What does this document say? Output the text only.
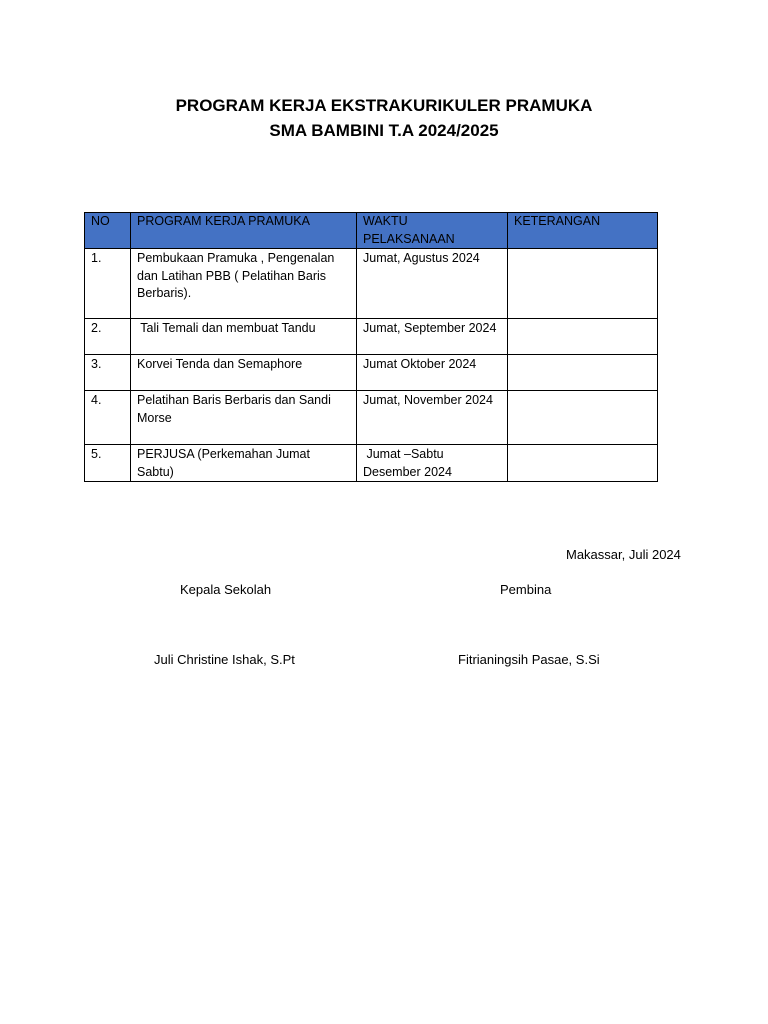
PROGRAM KERJA EKSTRAKURIKULER PRAMUKA
SMA BAMBINI T.A 2024/2025
NO	PROGRAM KERJA PRAMUKA	WAKTU PELAKSANAAN	KETERANGAN
1.	Pembukaan Pramuka , Pengenalan dan Latihan PBB ( Pelatihan Baris Berbaris).	Jumat, Agustus 2024	
2.	Tali Temali dan membuat Tandu	Jumat, September 2024	
3.	Korvei Tenda dan Semaphore	Jumat Oktober 2024	
4.	Pelatihan Baris Berbaris dan Sandi Morse	Jumat, November 2024	
5.	PERJUSA (Perkemahan Jumat Sabtu)	Jumat –Sabtu Desember 2024	
Makassar, Juli 2024
Kepala Sekolah	Pembina
Juli Christine Ishak, S.Pt	Fitrianingsih Pasae, S.Si
